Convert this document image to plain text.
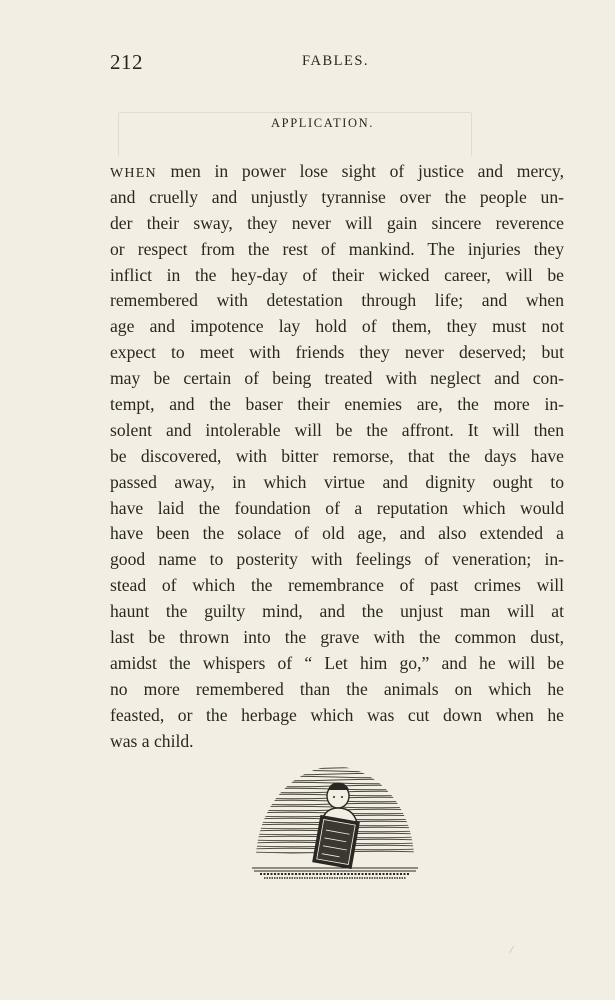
212	FABLES.
APPLICATION.
WHEN men in power lose sight of justice and mercy,
and cruelly and unjustly tyrannise over the people un-
der their sway, they never will gain sincere reverence
or respect from the rest of mankind. The injuries they
inflict in the hey-day of their wicked career, will be
remembered with detestation through life; and when
age and impotence lay hold of them, they must not
expect to meet with friends they never deserved; but
may be certain of being treated with neglect and con-
tempt, and the baser their enemies are, the more in-
solent and intolerable will be the affront. It will then
be discovered, with bitter remorse, that the days have
passed away, in which virtue and dignity ought to
have laid the foundation of a reputation which would
have been the solace of old age, and also extended a
good name to posterity with feelings of veneration; in-
stead of which the remembrance of past crimes will
haunt the guilty mind, and the unjust man will at
last be thrown into the grave with the common dust,
amidst the whispers of “ Let him go,” and he will be
no more remembered than the animals on which he
feasted, or the herbage which was cut down when he
was a child.
/
